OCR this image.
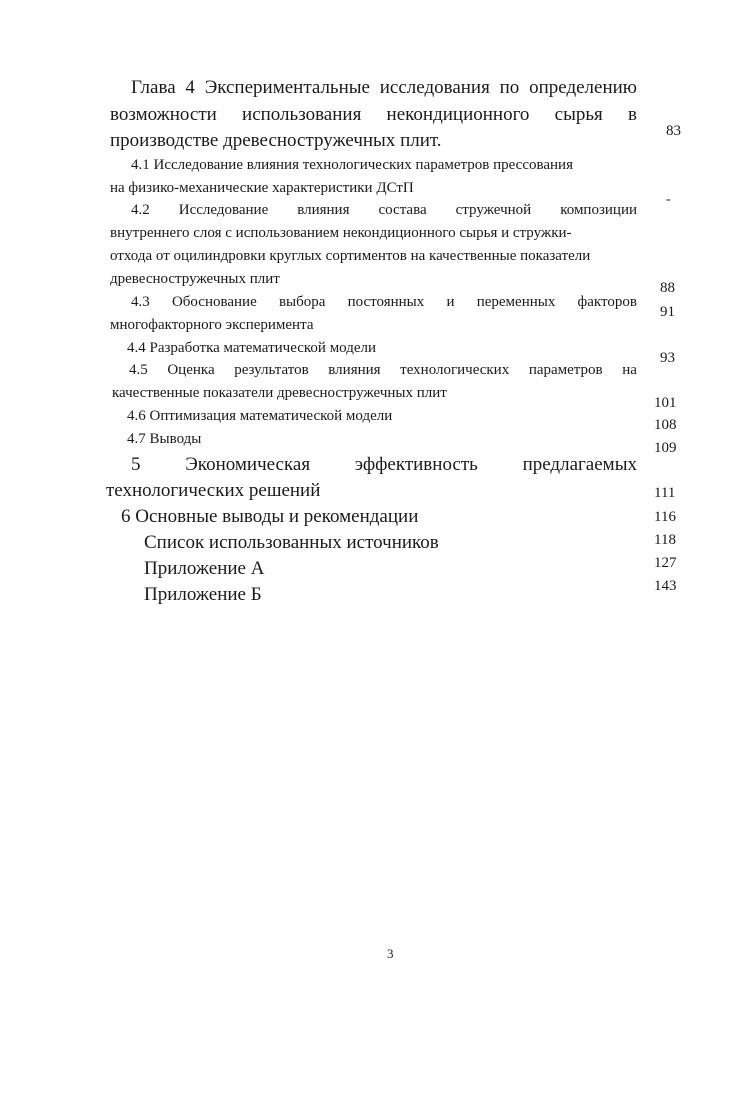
Глава 4 Экспериментальные исследования по определению
возможности использования некондиционного сырья в
производстве древесностружечных плит.	83
4.1 Исследование влияния технологических параметров прессования
на физико-механические характеристики ДСтП
4.2 Исследование влияния состава стружечной композиции
-
внутреннего слоя с использованием некондиционного сырья и стружки-
отхода от оцилиндровки круглых сортиментов на качественные показатели
древесностружечных плит
4.3 Обоснование выбора постоянных и переменных факторов
многофакторного эксперимента
4.4 Разработка математической модели
4.5 Оценка результатов влияния технологических параметров на
качественные показатели древесностружечных плит
4.6 Оптимизация математической модели
4.7 Выводы
5 Экономическая эффективность предлагаемых
технологических решений
6 Основные выводы и рекомендации
Список использованных источников
Приложение А
Приложение Б
88
91
93
101
108
109
111
116
118
127
143
3
